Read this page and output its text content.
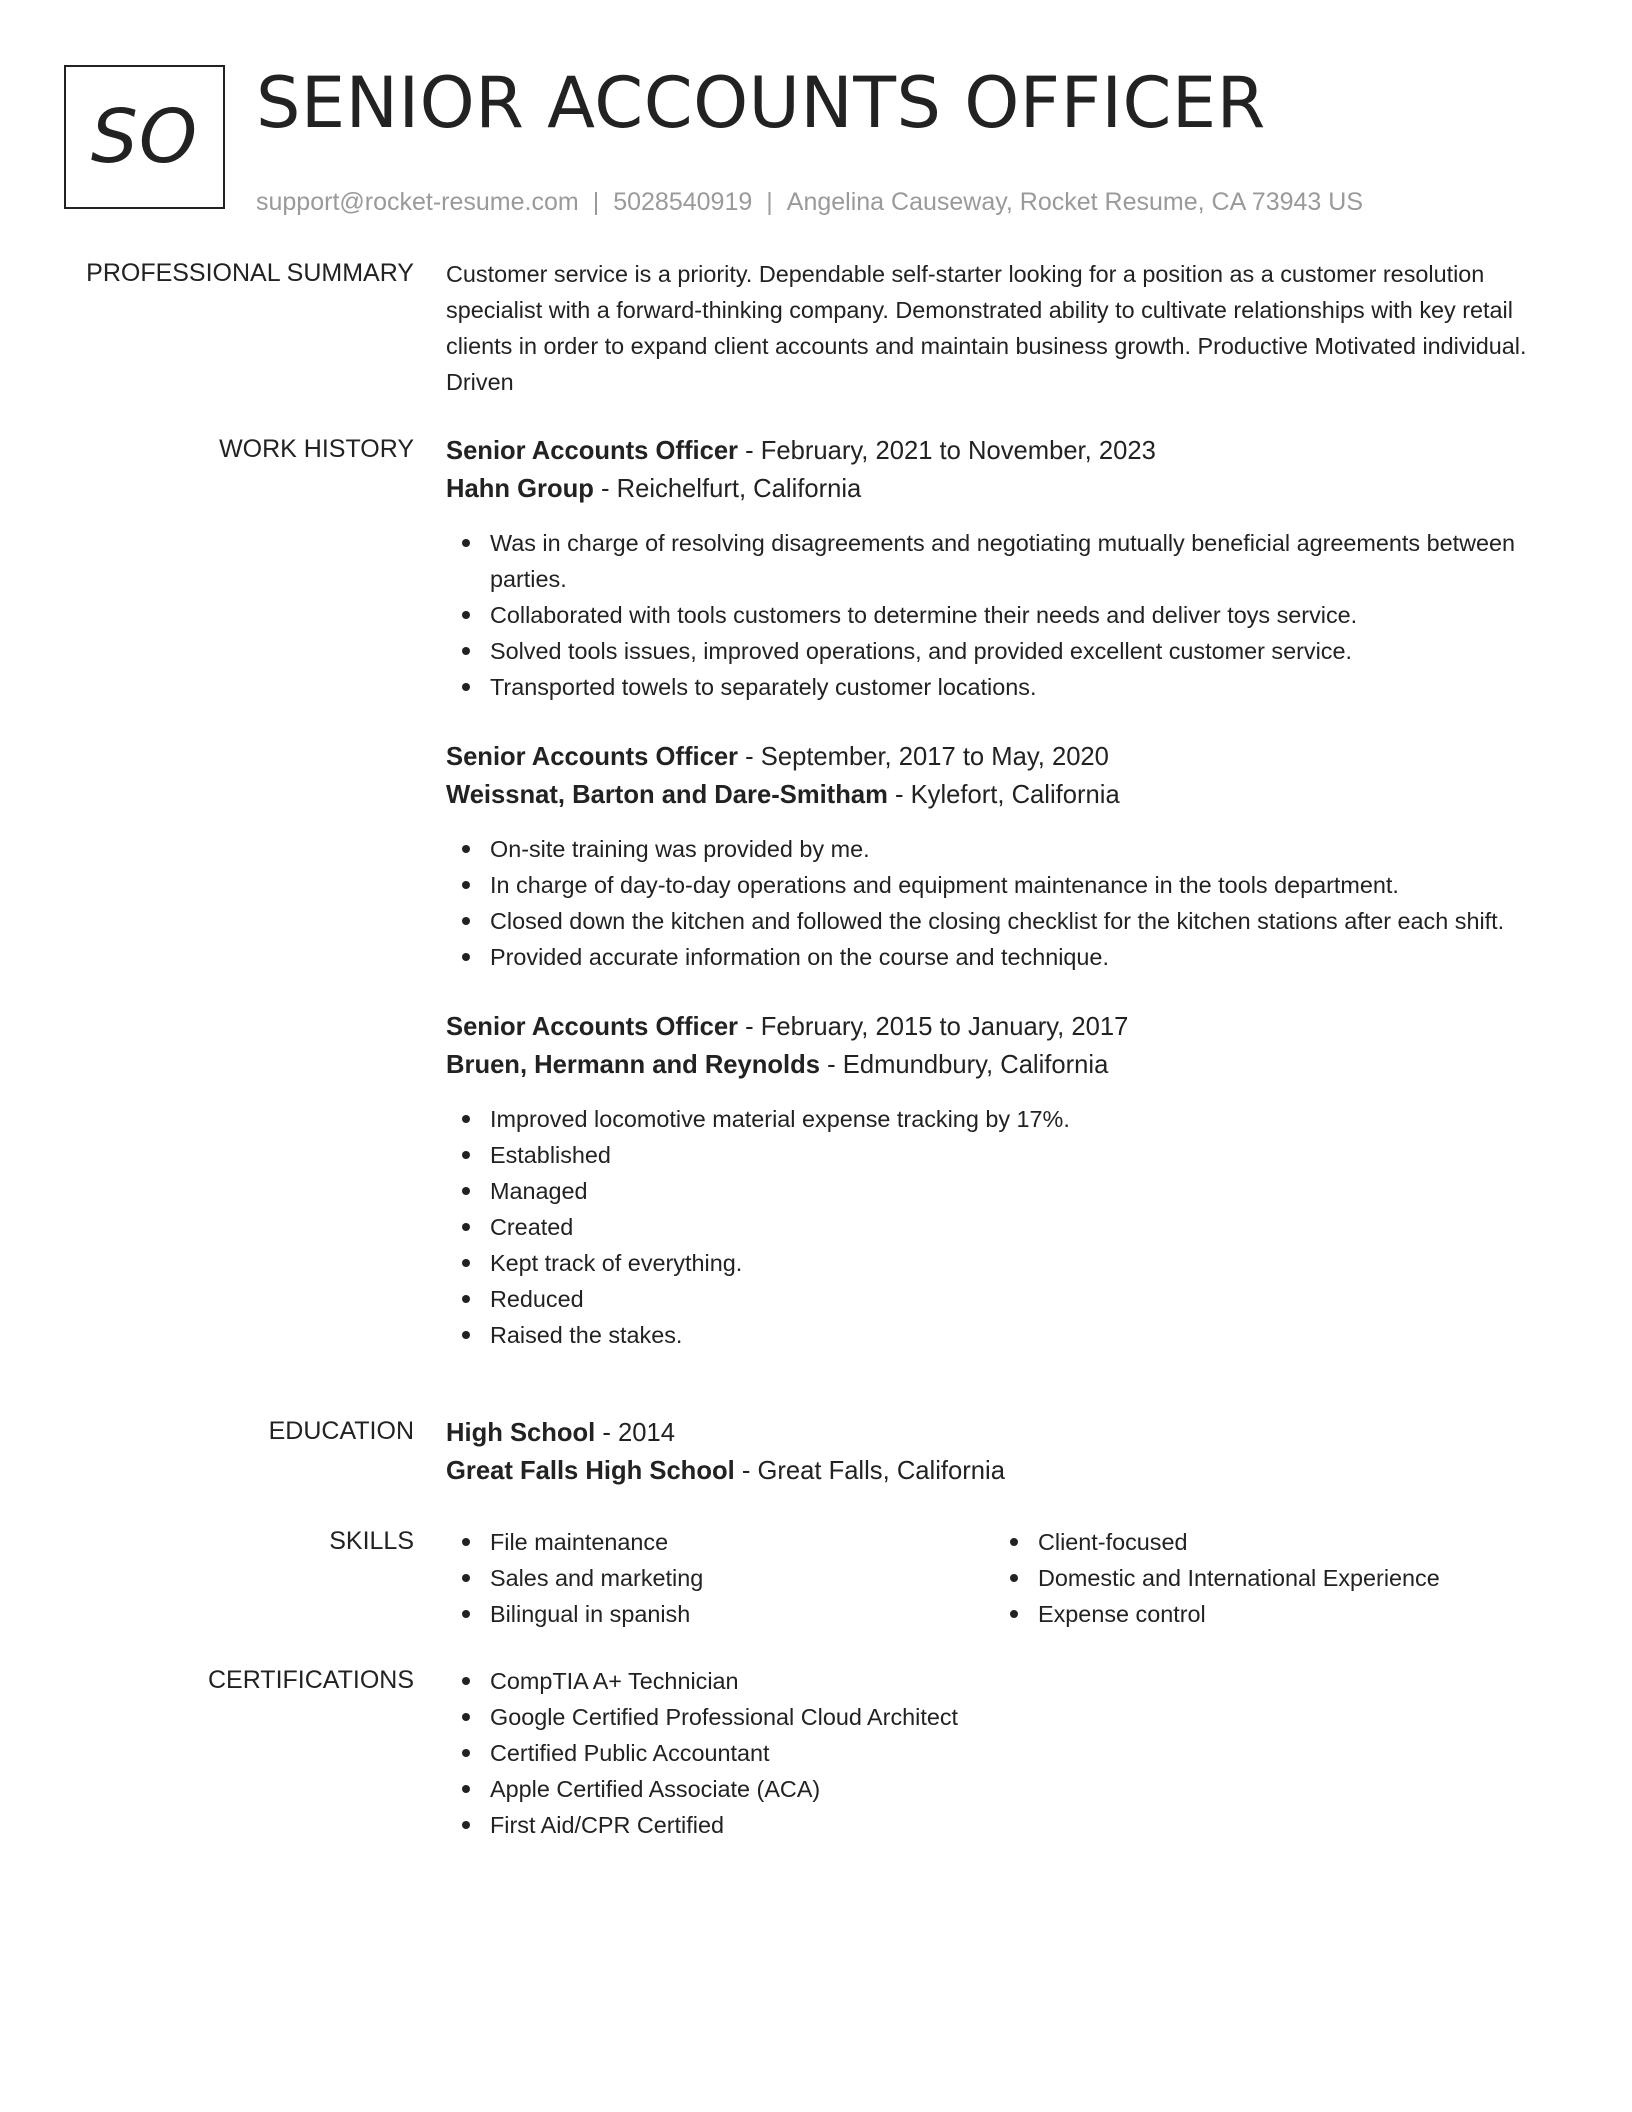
SO SENIOR ACCOUNTS OFFICER
support@rocket-resume.com | 5028540919 | Angelina Causeway, Rocket Resume, CA 73943 US
PROFESSIONAL SUMMARY Customer service is a priority. Dependable self-starter looking for a position as a customer resolution specialist with a forward-thinking company. Demonstrated ability to cultivate relationships with key retail clients in order to expand client accounts and maintain business growth. Productive Motivated individual. Driven

WORK HISTORY Senior Accounts Officer - February, 2021 to November, 2023
Hahn Group - Reichelfurt, California
Was in charge of resolving disagreements and negotiating mutually beneficial agreements between parties.
Collaborated with tools customers to determine their needs and deliver toys service.
Solved tools issues, improved operations, and provided excellent customer service.
Transported towels to separately customer locations.
Senior Accounts Officer - September, 2017 to May, 2020
Weissnat, Barton and Dare-Smitham - Kylefort, California
On-site training was provided by me.
In charge of day-to-day operations and equipment maintenance in the tools department.
Closed down the kitchen and followed the closing checklist for the kitchen stations after each shift.
Provided accurate information on the course and technique.
Senior Accounts Officer - February, 2015 to January, 2017
Bruen, Hermann and Reynolds - Edmundbury, California
Improved locomotive material expense tracking by 17%.
Established
Managed
Created
Kept track of everything.
Reduced
Raised the stakes.
EDUCATION High School - 2014
Great Falls High School - Great Falls, California
SKILLS	File maintenance
Sales and marketing
Bilingual in spanish
Client-focused
Domestic and International Experience
Expense control
CERTIFICATIONS	CompTIA A+ Technician
Google Certified Professional Cloud Architect
Certified Public Accountant
Apple Certified Associate (ACA)
First Aid/CPR Certified
